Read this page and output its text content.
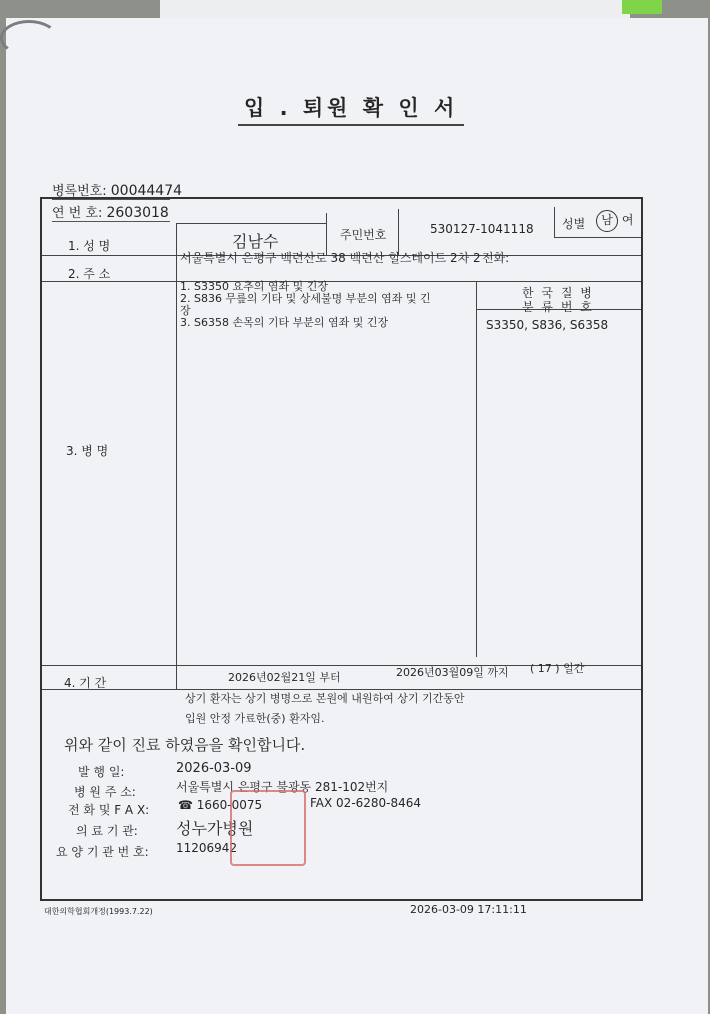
입 . 퇴원 확 인 서
병록번호: 00044474
연 번 호: 2603018
1. 성 명	김남수	주민번호	530127-1041118 성별	남 여
2. 주 소
서울특별시 은평구 백련산로 38 백련산 힐스테이트 2차 2 전화:
3. 병 명
1. S3350 요추의 염좌 및 긴장
2. S836 무릎의 기타 및 상세불명 부분의 염좌 및 긴
장
3. S6358 손목의 기타 부분의 염좌 및 긴장
한 국 질 병
분 류 번 호
S3350, S836, S6358
4. 기 간	2026년02월21일 부터	2026년03월09일 까지 ( 17 ) 일간
상기 환자는 상기 병명으로 본원에 내원하여 상기 기간동안
입원 안정 가료한(중) 환자임.
위와 같이 진료 하였음을 확인합니다.
발 행 일:	2026-03-09
병 원 주 소:	서울특별시 은평구 불광동 281-102번지
전 화 및 F A X: ☎ 1660-0075	FAX 02-6280-8464
의 료 기 관: 성누가병원
요 양 기 관 번 호: 11206942
대한의학협회개정(1993.7.22)	2026-03-09 17:11:11
